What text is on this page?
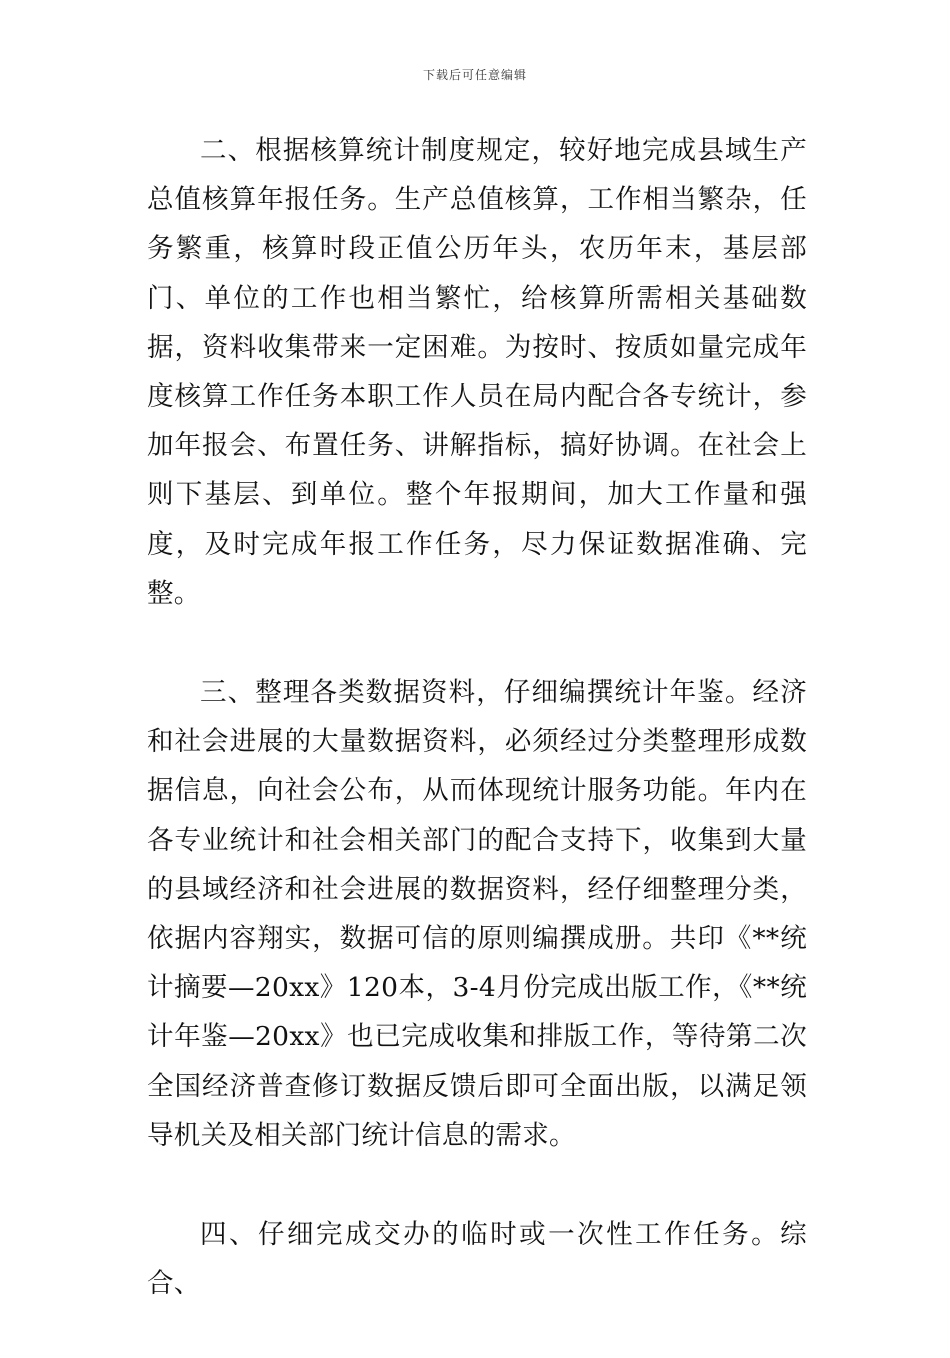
下载后可任意编辑

二、根据核算统计制度规定，较好地完成县域生产总值核算年报任务。生产总值核算，工作相当繁杂，任务繁重，核算时段正值公历年头，农历年末，基层部门、单位的工作也相当繁忙，给核算所需相关基础数据，资料收集带来一定困难。为按时、按质如量完成年度核算工作任务本职工作人员在局内配合各专统计，参加年报会、布置任务、讲解指标，搞好协调。在社会上则下基层、到单位。整个年报期间，加大工作量和强度，及时完成年报工作任务，尽力保证数据准确、完整。

三、整理各类数据资料，仔细编撰统计年鉴。经济和社会进展的大量数据资料，必须经过分类整理形成数据信息，向社会公布，从而体现统计服务功能。年内在各专业统计和社会相关部门的配合支持下，收集到大量的县域经济和社会进展的数据资料，经仔细整理分类，依据内容翔实，数据可信的原则编撰成册。共印《**统计摘要—20xx》120本，3-4月份完成出版工作，《**统计年鉴—20xx》也已完成收集和排版工作，等待第二次全国经济普查修订数据反馈后即可全面出版，以满足领导机关及相关部门统计信息的需求。

四、仔细完成交办的临时或一次性工作任务。综合、
